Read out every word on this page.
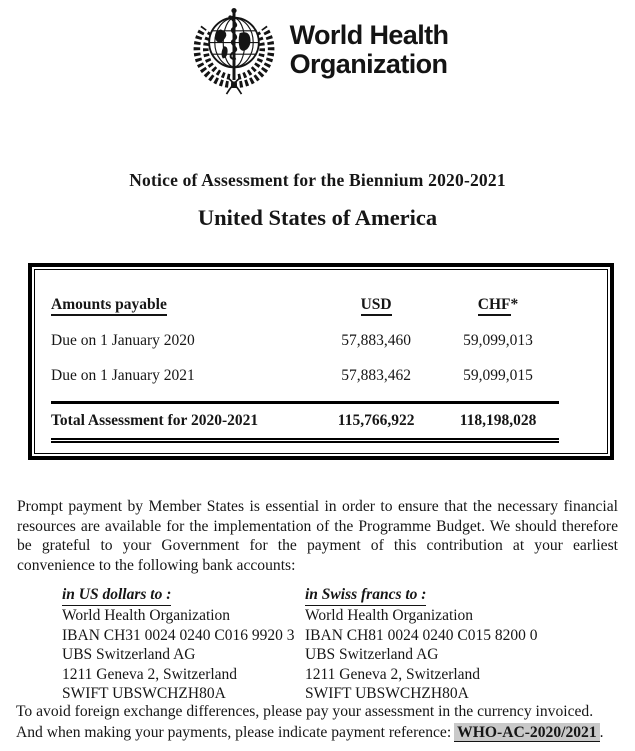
World Health
Organization
Notice of Assessment for the Biennium 2020-2021
United States of America
Amounts payable	USD	CHF*
Due on 1 January 2020	57,883,460	59,099,013
Due on 1 January 2021	57,883,462	59,099,015
Total Assessment for 2020-2021	115,766,922	118,198,028

Prompt payment by Member States is essential in order to ensure that the necessary financial resources are available for the implementation of the Programme Budget. We should therefore be grateful to your Government for the payment of this contribution at your earliest convenience to the following bank accounts:

in US dollars to :
World Health Organization
IBAN CH31 0024 0240 C016 9920 3
UBS Switzerland AG
1211 Geneva 2, Switzerland
SWIFT UBSWCHZH80A
in Swiss francs to :
World Health Organization
IBAN CH81 0024 0240 C015 8200 0
UBS Switzerland AG
1211 Geneva 2, Switzerland
SWIFT UBSWCHZH80A
To avoid foreign exchange differences, please pay your assessment in the currency invoiced.
And when making your payments, please indicate payment reference: WHO-AC-2020/2021 .
